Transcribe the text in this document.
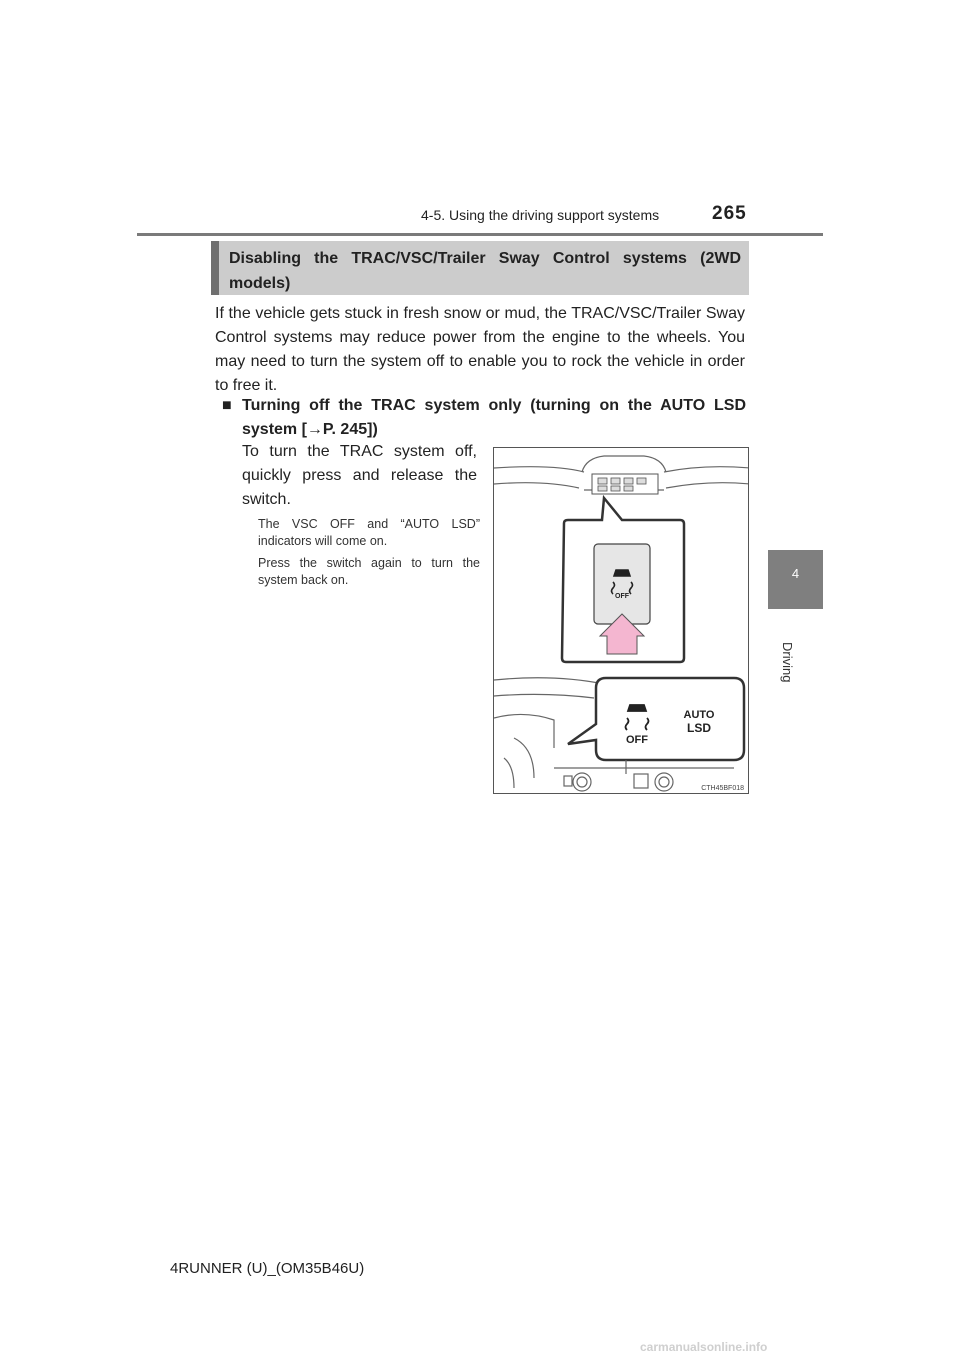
4-5. Using the driving support systems	265
4
Driving
Disabling the TRAC/VSC/Trailer Sway Control systems (2WD models)
If the vehicle gets stuck in fresh snow or mud, the TRAC/VSC/Trailer Sway Control systems may reduce power from the engine to the wheels. You may need to turn the system off to enable you to rock the vehicle in order to free it.
■ Turning off the TRAC system only (turning on the AUTO LSD
system [→P. 245])
To turn the TRAC system off, quickly press and release the switch.
The VSC OFF and “AUTO LSD” indicators will come on.
Press the switch again to turn the system back on.
OFF
OFF
AUTO
LSD
CTH45BF018
4RUNNER (U)_(OM35B46U)
carmanualsonline.info
